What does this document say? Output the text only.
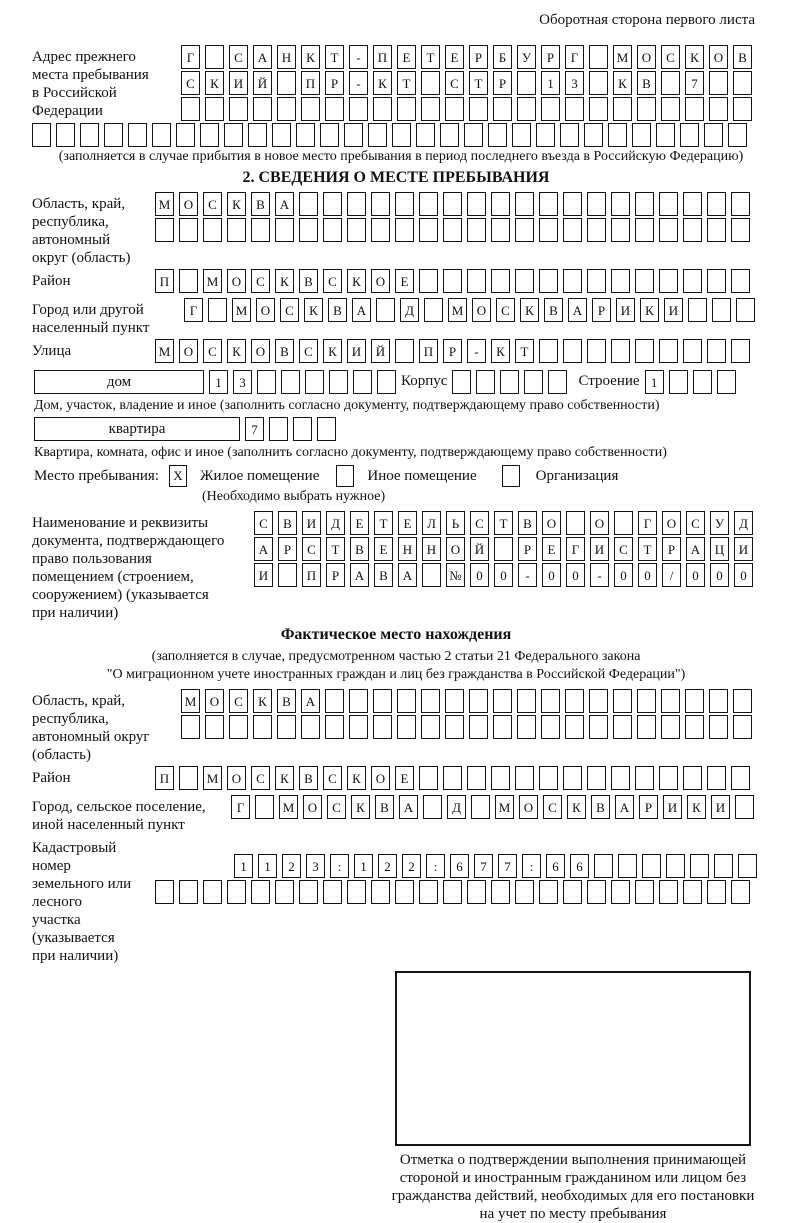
Оборотная сторона первого листа
Адрес прежнего
места пребывания
в Российской
Федерации
Г	С	А	Н	К	Т	-	П	Е	Т	Е	Р	Б	У	Р	Г	М	О	С	К	О	В
С	К	И	Й	П	Р	-	К	Т	С	Т	Р	1	3	К	В	7
(заполняется в случае прибытия в новое место пребывания в период последнего въезда в Российскую Федерацию)
2. СВЕДЕНИЯ О МЕСТЕ ПРЕБЫВАНИЯ
Область, край,
республика,
автономный
округ (область)
М	О	С	К	В	А
Район	П	М	О	С	К	В	С	К	О	Е
Город или другой
населенный пункт
Г	М	О	С	К	В	А	Д	М	О	С	К	В	А	Р	И	К	И
Улица	М	О	С	К	О	В	С	К	И	Й	П	Р	-	К	Т
дом	1	3	Корпус	Строение 1
Дом, участок, владение и иное (заполнить согласно документу, подтверждающему право собственности)
квартира	7
Квартира, комната, офис и иное (заполнить согласно документу, подтверждающему право собственности)
Место пребывания:	X Жилое помещение	Иное помещение	Организация
(Необходимо выбрать нужное)
Наименование и реквизиты
документа, подтверждающего
право пользования
помещением (строением,
сооружением) (указывается
при наличии)
С	В	И	Д	Е	Т	Е	Л	Ь	С	Т	В	О	О	Г	О	С	У	Д
А	Р	С	Т	В	Е	Н	Н	О	Й	Р	Е	Г	И	С	Т	Р	А	Ц	И
И	П	Р	А	В	А	№	0	0	-	0	0	-	0	0	/	0	0	0
Фактическое место нахождения
(заполняется в случае, предусмотренном частью 2 статьи 21 Федерального закона
"О миграционном учете иностранных граждан и лиц без гражданства в Российской Федерации")
Область, край,
республика,
автономный округ
(область)
М	О	С	К	В	А
Район	П	М	О	С	К	В	С	К	О	Е
Город, сельское поселение,
иной населенный пункт
Г	М	О	С	К	В	А	Д	М	О	С	К	В	А	Р	И	К	И
Кадастровый номер
земельного или лесного
участка (указывается
при наличии)
1	1	2	3	:	1	2	2	:	6	7	7	:	6	6
Отметка о подтверждении выполнения принимающей
стороной и иностранным гражданином или лицом без
гражданства действий, необходимых для его постановки
на учет по месту пребывания
